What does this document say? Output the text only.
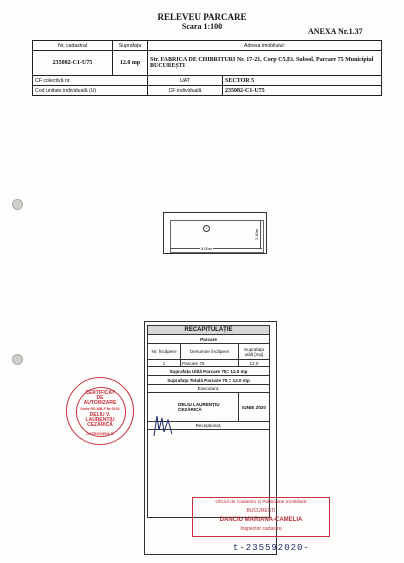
RELEVEU PARCARE
Scara 1:100
ANEXA Nr.1.37
Nr. cadastral	Suprafața	Adresa imobilului:	
235082-C1-U75	12.0 mp	Str. FABRICA DE CHIBRITURI Nr. 17-21, Corp C5,Et. Subsol, Parcare 75 Municipiul BUCUREȘTI	
CF colectivă nr.		UAT	SECTOR 5
Cod unitate individuală (U)		CF individuală	235082-C1-U75
1
5.00m
2.40m
RECAPITULAȚIE		
Parcare		
Nr. Încăpere	Denumire încăpere	Suprafața utilă [mp]
1	Parcare 75	12.0
Suprafața Utilă Parcare 75= 12.0 mp		
Suprafața Totală Parcare 75 = 12.0 mp		
Executant,		
DELIU LAURENȚIU CEZĂRICĂ		IUNIE 2020
Recepționat,		

CERTIFICAT
DE
AUTORIZARE
Seria RO-MB-F Nr.0192
DELIU V.
LAURENȚIU
CEZĂRICĂ
CATEGORIA B
Oficiul de Cadastru și Publicitate Imobiliară
BUCUREȘTI
DANCIU MARIANA-CAMELIA
Inspector cadastru
t-235592020-
